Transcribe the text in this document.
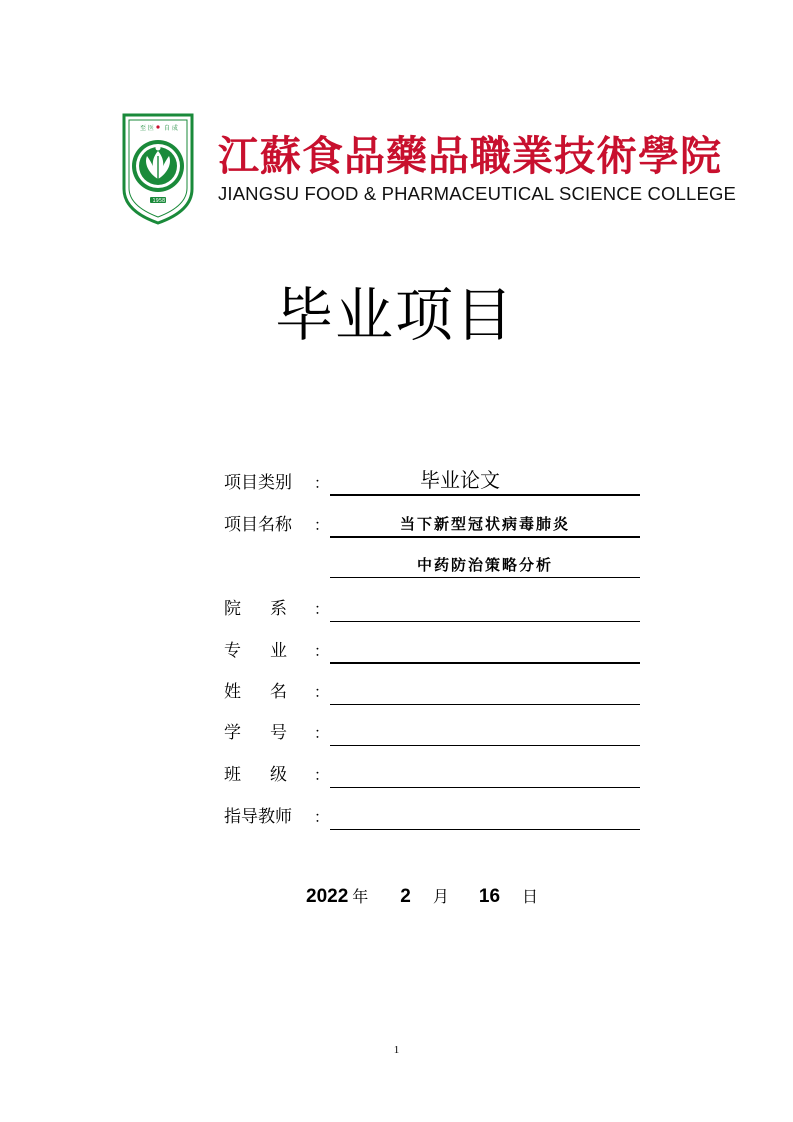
至 医 自 成
1958
江蘇食品藥品職業技術學院
JIANGSU FOOD & PHARMACEUTICAL SCIENCE COLLEGE
毕业项目
项目类别 ：	毕业论文
项目名称 ：	当下新型冠状病毒肺炎
中药防治策略分析
院系
：
专业
：
姓名
：
学号
：
班级
：
指导教师 ：
2022 年 2 月 16 日
1
